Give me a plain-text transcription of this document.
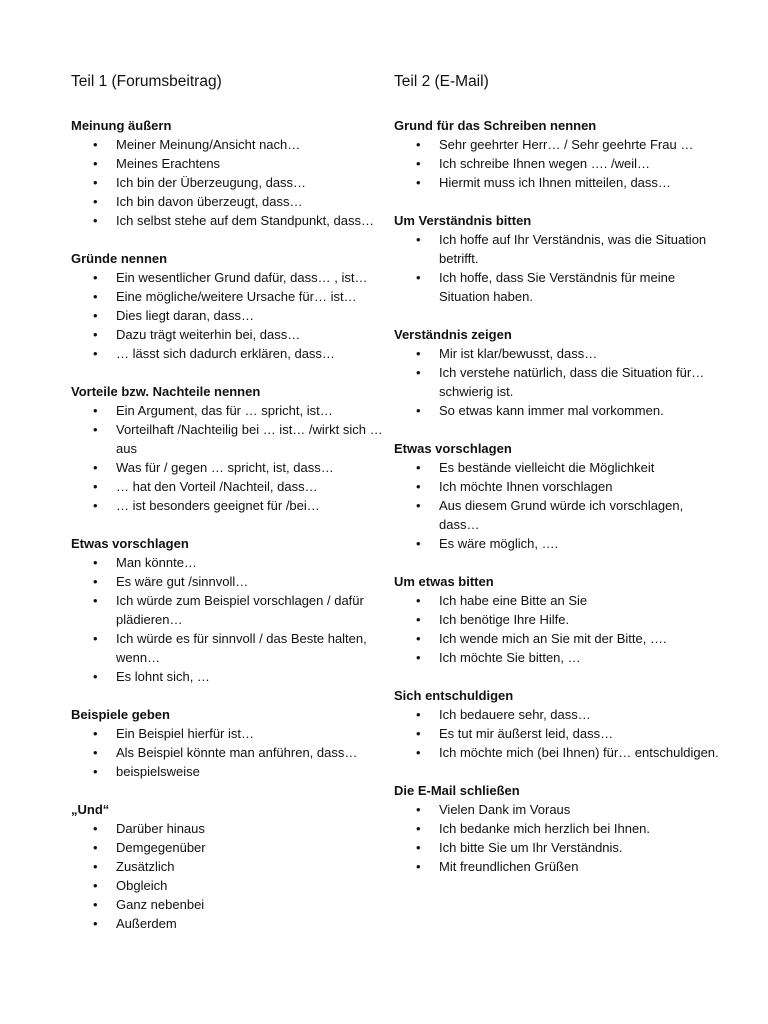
Teil 1 (Forumsbeitrag)
Meinung äußern
• Meiner Meinung/Ansicht nach…
• Meines Erachtens
• Ich bin der Überzeugung, dass…
• Ich bin davon überzeugt, dass…
• Ich selbst stehe auf dem Standpunkt, dass…
Gründe nennen
• Ein wesentlicher Grund dafür, dass… , ist…
• Eine mögliche/weitere Ursache für… ist…
• Dies liegt daran, dass…
• Dazu trägt weiterhin bei, dass…
• … lässt sich dadurch erklären, dass…
Vorteile bzw. Nachteile nennen
• Ein Argument, das für … spricht, ist…
• Vorteilhaft /Nachteilig bei … ist… /wirkt sich … aus
• Was für / gegen … spricht, ist, dass…
• … hat den Vorteil /Nachteil, dass…
• … ist besonders geeignet für /bei…
Etwas vorschlagen
• Man könnte…
• Es wäre gut /sinnvoll…
• Ich würde zum Beispiel vorschlagen / dafür plädieren…
• Ich würde es für sinnvoll / das Beste halten, wenn…
• Es lohnt sich, …
Beispiele geben
• Ein Beispiel hierfür ist…
• Als Beispiel könnte man anführen, dass…
• beispielsweise
„Und“
• Darüber hinaus
• Demgegenüber
• Zusätzlich
• Obgleich
• Ganz nebenbei
• Außerdem
Teil 2 (E-Mail)
Grund für das Schreiben nennen
• Sehr geehrter Herr… / Sehr geehrte Frau …
• Ich schreibe Ihnen wegen …. /weil…
• Hiermit muss ich Ihnen mitteilen, dass…
Um Verständnis bitten
• Ich hoffe auf Ihr Verständnis, was die Situation betrifft.
• Ich hoffe, dass Sie Verständnis für meine Situation haben.
Verständnis zeigen
• Mir ist klar/bewusst, dass…
• Ich verstehe natürlich, dass die Situation für… schwierig ist.
• So etwas kann immer mal vorkommen.
Etwas vorschlagen
• Es bestände vielleicht die Möglichkeit
• Ich möchte Ihnen vorschlagen
• Aus diesem Grund würde ich vorschlagen, dass…
• Es wäre möglich, ….
Um etwas bitten
• Ich habe eine Bitte an Sie
• Ich benötige Ihre Hilfe.
• Ich wende mich an Sie mit der Bitte, ….
• Ich möchte Sie bitten, …
Sich entschuldigen
• Ich bedauere sehr, dass…
• Es tut mir äußerst leid, dass…
• Ich möchte mich (bei Ihnen) für… entschuldigen.
Die E-Mail schließen
• Vielen Dank im Voraus
• Ich bedanke mich herzlich bei Ihnen.
• Ich bitte Sie um Ihr Verständnis.
• Mit freundlichen Grüßen
